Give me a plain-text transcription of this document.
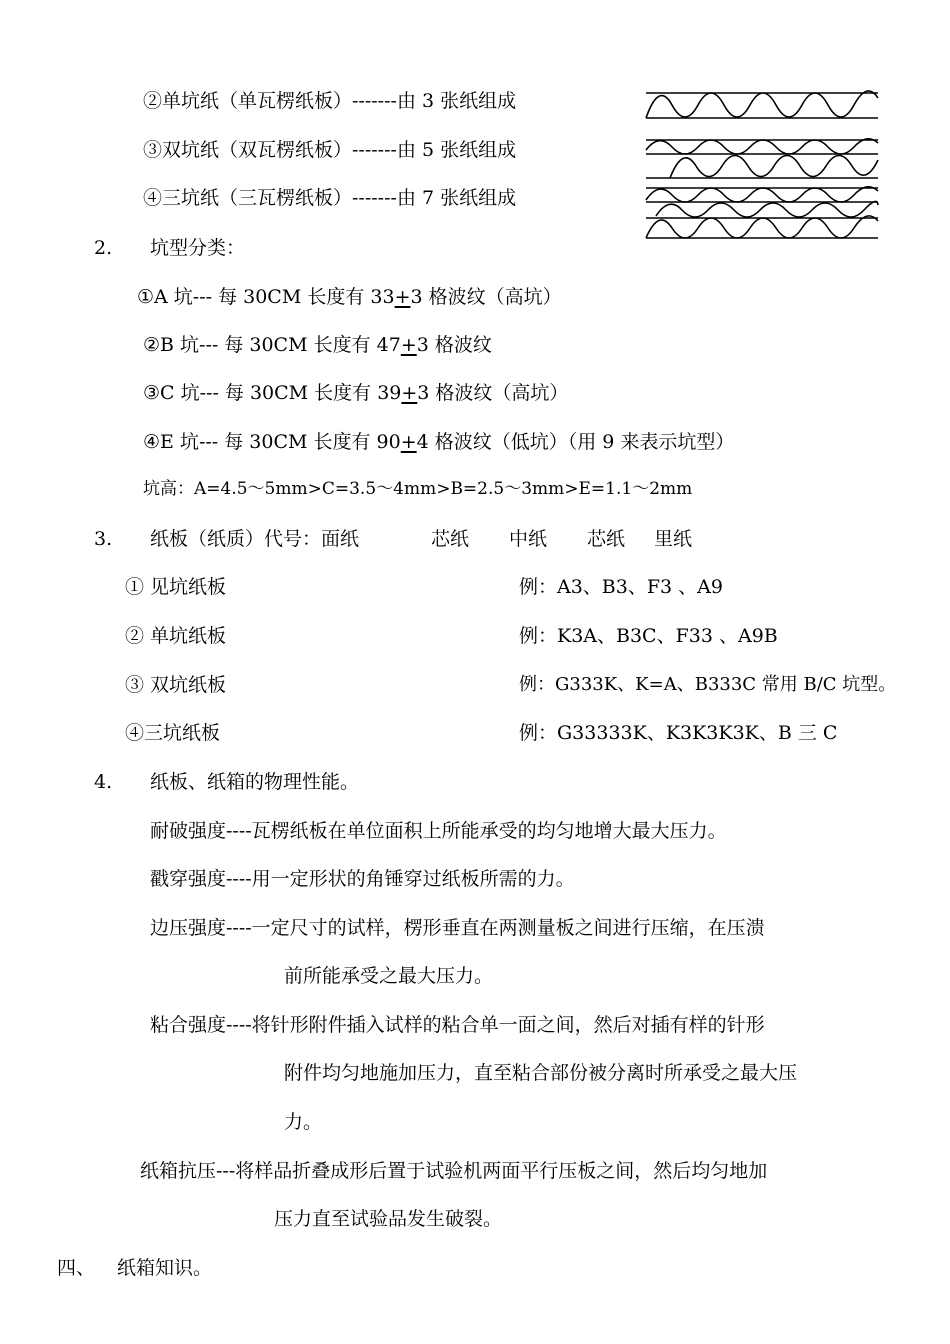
②单坑纸（单瓦楞纸板）-------由 3 张纸组成
③双坑纸（双瓦楞纸板）-------由 5 张纸组成
④三坑纸（三瓦楞纸板）-------由 7 张纸组成
2. 坑型分类：
①A 坑--- 每 30CM 长度有 33+3 格波纹（高坑）
②B 坑--- 每 30CM 长度有 47+3 格波纹
③C 坑--- 每 30CM 长度有 39+3 格波纹（高坑）
④E 坑--- 每 30CM 长度有 90+4 格波纹（低坑）（用 9 来表示坑型）
坑高：A=4.5～5mm>C=3.5～4mm>B=2.5～3mm>E=1.1～2mm
3. 纸板（纸质）代号：面纸	芯纸 中纸 芯纸 里纸
① 见坑纸板	例：A3、B3、F3 、A9
② 单坑纸板	例：K3A、B3C、F33 、A9B
③ 双坑纸板	例：G333K、K=A、B333C 常用 B/C 坑型。
④三坑纸板	例：G33333K、K3K3K3K、B 三 C
4. 纸板、纸箱的物理性能。
耐破强度----瓦楞纸板在单位面积上所能承受的均匀地增大最大压力。
戳穿强度----用一定形状的角锤穿过纸板所需的力。
边压强度----一定尺寸的试样，楞形垂直在两测量板之间进行压缩，在压溃
前所能承受之最大压力。
粘合强度----将针形附件插入试样的粘合单一面之间，然后对插有样的针形
附件均匀地施加压力，直至粘合部份被分离时所承受之最大压
力。
纸箱抗压---将样品折叠成形后置于试验机两面平行压板之间，然后均匀地加
压力直至试验品发生破裂。
四、 纸箱知识。
